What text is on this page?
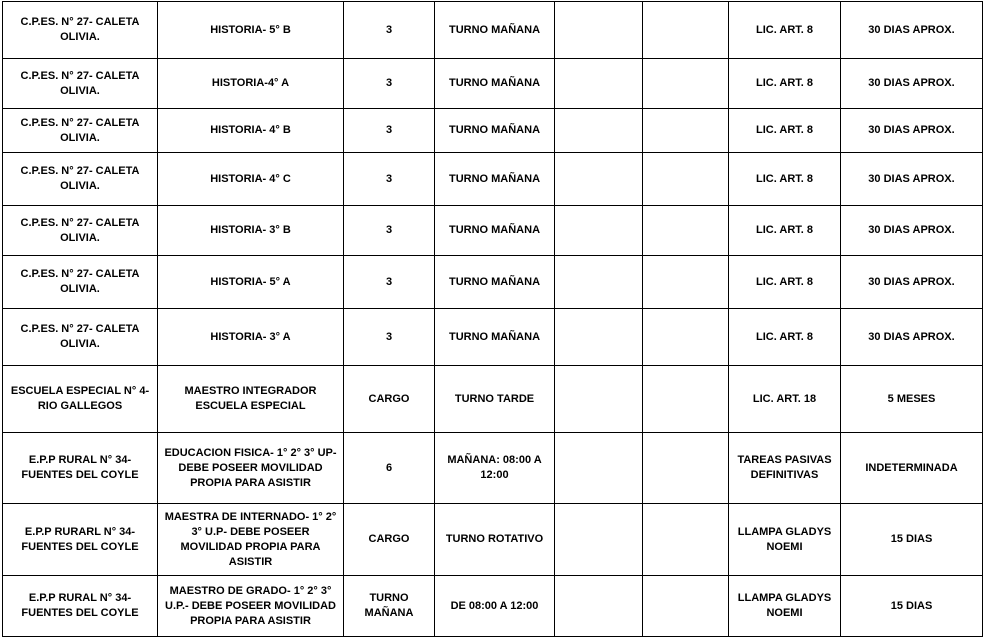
C.P.ES. N° 27- CALETA OLIVIA.	HISTORIA- 5° B	3	TURNO MAÑANA			LIC. ART. 8	30 DIAS APROX.
C.P.ES. N° 27- CALETA OLIVIA.	HISTORIA-4° A	3	TURNO MAÑANA			LIC. ART. 8	30 DIAS APROX.
C.P.ES. N° 27- CALETA OLIVIA.	HISTORIA- 4° B	3	TURNO MAÑANA			LIC. ART. 8	30 DIAS APROX.
C.P.ES. N° 27- CALETA OLIVIA.	HISTORIA- 4° C	3	TURNO MAÑANA			LIC. ART. 8	30 DIAS APROX.
C.P.ES. N° 27- CALETA OLIVIA.	HISTORIA- 3° B	3	TURNO MAÑANA			LIC. ART. 8	30 DIAS APROX.
C.P.ES. N° 27- CALETA OLIVIA.	HISTORIA- 5° A	3	TURNO MAÑANA			LIC. ART. 8	30 DIAS APROX.
C.P.ES. N° 27- CALETA OLIVIA.	HISTORIA- 3° A	3	TURNO MAÑANA			LIC. ART. 8	30 DIAS APROX.
ESCUELA ESPECIAL N° 4- RIO GALLEGOS	MAESTRO INTEGRADOR ESCUELA ESPECIAL	CARGO	TURNO TARDE			LIC. ART. 18	5 MESES
E.P.P RURAL N° 34- FUENTES DEL COYLE	EDUCACION FISICA- 1° 2° 3° UP- DEBE POSEER MOVILIDAD PROPIA PARA ASISTIR	6	MAÑANA: 08:00 A 12:00			TAREAS PASIVAS DEFINITIVAS	INDETERMINADA
E.P.P RURARL N° 34- FUENTES DEL COYLE	MAESTRA DE INTERNADO- 1° 2° 3° U.P- DEBE POSEER MOVILIDAD PROPIA PARA ASISTIR	CARGO	TURNO ROTATIVO			LLAMPA GLADYS NOEMI	15 DIAS
E.P.P RURAL N° 34- FUENTES DEL COYLE	MAESTRO DE GRADO- 1° 2° 3° U.P.- DEBE POSEER MOVILIDAD PROPIA PARA ASISTIR	TURNO MAÑANA	DE 08:00 A 12:00			LLAMPA GLADYS NOEMI	15 DIAS
